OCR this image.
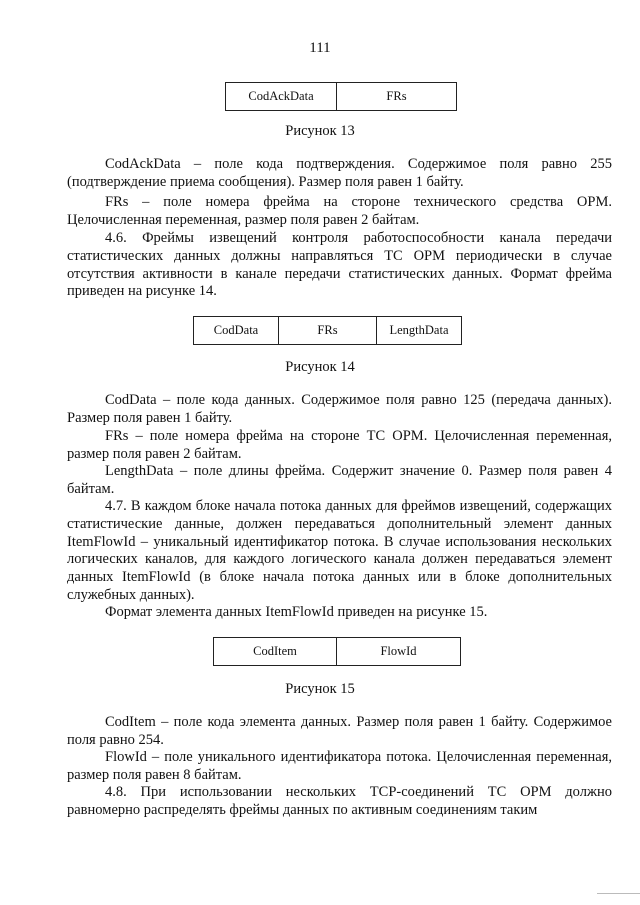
111
CodAckData	FRs
Рисунок 13

CodAckData – поле кода подтверждения. Содержимое поля равно 255 (подтверждение приема сообщения). Размер поля равен 1 байту.

FRs – поле номера фрейма на стороне технического средства ОРМ. Целочисленная переменная, размер поля равен 2 байтам.

4.6. Фреймы извещений контроля работоспособности канала передачи статистических данных должны направляться ТС ОРМ периодически в случае отсутствия активности в канале передачи статистических данных. Формат фрейма приведен на рисунке 14.

CodData	FRs	LengthData
Рисунок 14

CodData – поле кода данных. Содержимое поля равно 125 (передача данных). Размер поля равен 1 байту.

FRs – поле номера фрейма на стороне ТС ОРМ. Целочисленная переменная, размер поля равен 2 байтам.

LengthData – поле длины фрейма. Содержит значение 0. Размер поля равен 4 байтам.

4.7. В каждом блоке начала потока данных для фреймов извещений, содержащих статистические данные, должен передаваться дополнительный элемент данных ItemFlowId – уникальный идентификатор потока. В случае использования нескольких логических каналов, для каждого логического канала должен передаваться элемент данных ItemFlowId (в блоке начала потока данных или в блоке дополнительных служебных данных).

Формат элемента данных ItemFlowId приведен на рисунке 15.

CodItem	FlowId
Рисунок 15

CodItem – поле кода элемента данных. Размер поля равен 1 байту. Содержимое поля равно 254.

FlowId – поле уникального идентификатора потока. Целочисленная переменная, размер поля равен 8 байтам.

4.8. При использовании нескольких TCP-соединений ТС ОРМ должно равномерно распределять фреймы данных по активным соединениям таким
